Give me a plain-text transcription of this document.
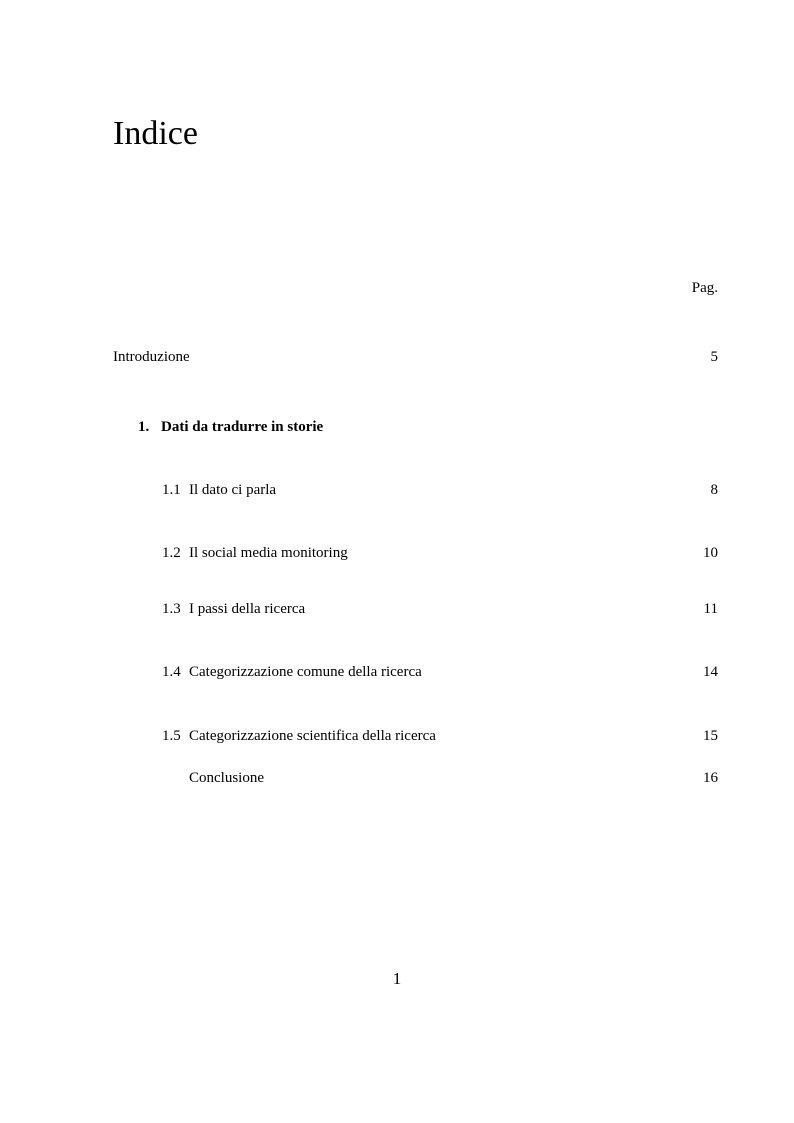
Indice
Pag.
Introduzione	5
1. Dati da tradurre in storie
1.1 Il dato ci parla	8
1.2 Il social media monitoring	10
1.3 I passi della ricerca	11
1.4 Categorizzazione comune della ricerca	14
1.5 Categorizzazione scientifica della ricerca	15
Conclusione	16
1
